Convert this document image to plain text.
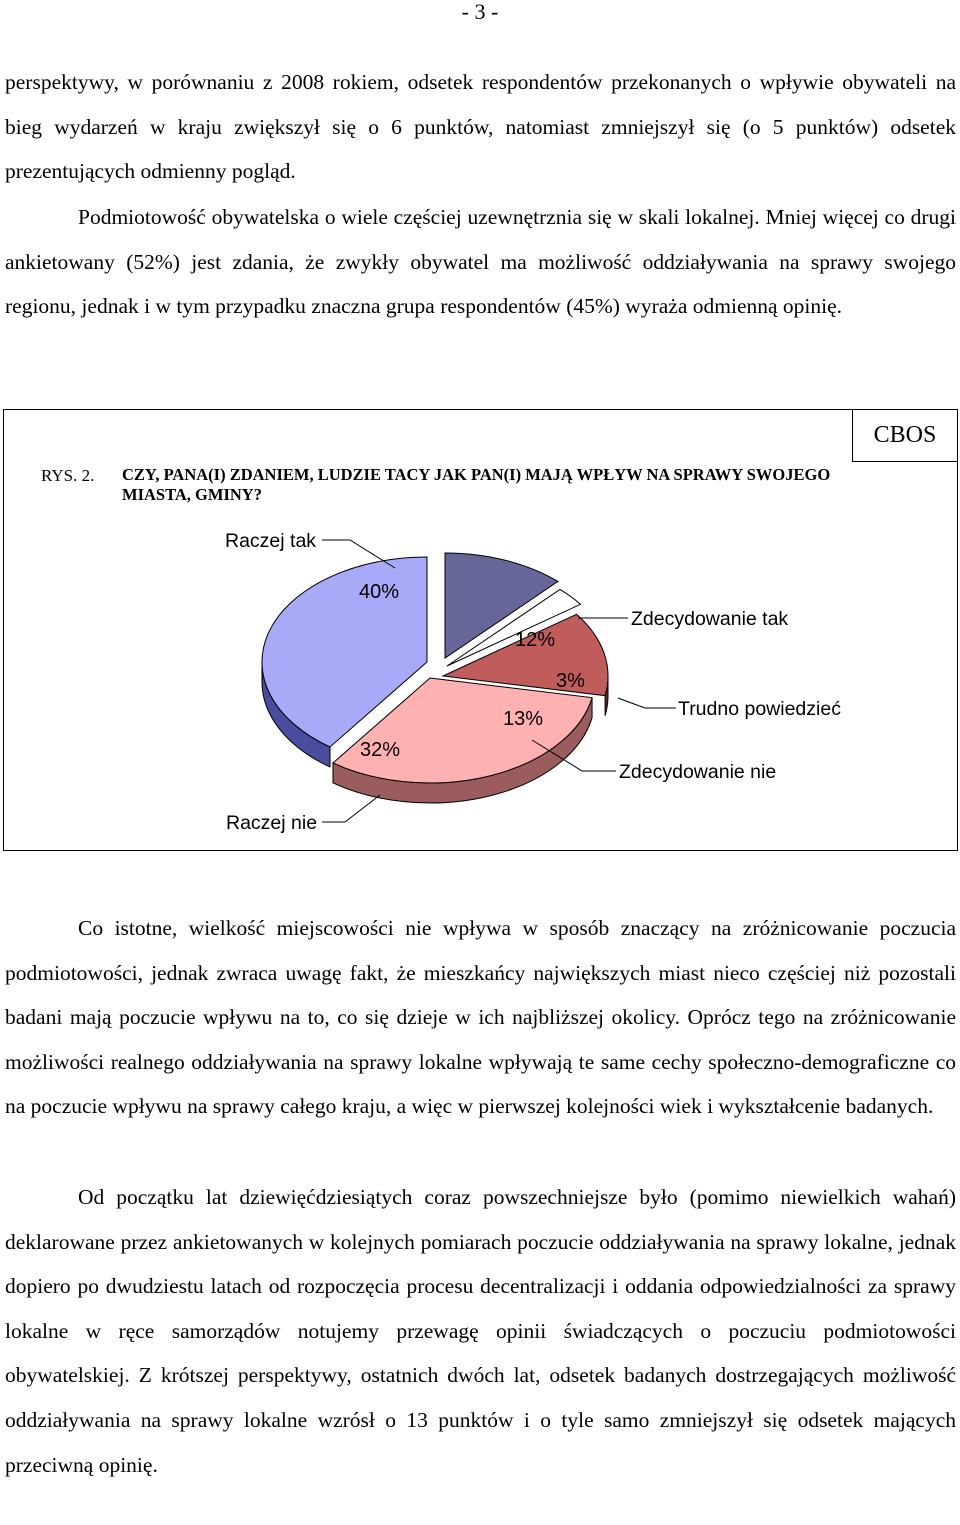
- 3 -

perspektywy, w porównaniu z 2008 rokiem, odsetek respondentów przekonanych o wpływie obywateli na bieg wydarzeń w kraju zwiększył się o 6 punktów, natomiast zmniejszył się (o 5 punktów) odsetek prezentujących odmienny pogląd.

CBOS
RYS. 2. CZY, PANA(I) ZDANIEM, LUDZIE TACY JAK PAN(I) MAJĄ WPŁYW NA SPRAWY SWOJEGO MIASTA, GMINY?
Raczej tak
Zdecydowanie tak
Trudno powiedzieć
Zdecydowanie nie
Raczej nie
40%
12%
3%
13%
32%

Podmiotowość obywatelska o wiele częściej uzewnętrznia się w skali lokalnej. Mniej więcej co drugi ankietowany (52%) jest zdania, że zwykły obywatel ma możliwość oddziaływania na sprawy swojego regionu, jednak i w tym przypadku znaczna grupa respondentów (45%) wyraża odmienną opinię.

Co istotne, wielkość miejscowości nie wpływa w sposób znaczący na zróżnicowanie poczucia podmiotowości, jednak zwraca uwagę fakt, że mieszkańcy największych miast nieco częściej niż pozostali badani mają poczucie wpływu na to, co się dzieje w ich najbliższej okolicy. Oprócz tego na zróżnicowanie możliwości realnego oddziaływania na sprawy lokalne wpływają te same cechy społeczno-demograficzne co na poczucie wpływu na sprawy całego kraju, a więc w pierwszej kolejności wiek i wykształcenie badanych.

Od początku lat dziewięćdziesiątych coraz powszechniejsze było (pomimo niewielkich wahań) deklarowane przez ankietowanych w kolejnych pomiarach poczucie oddziaływania na sprawy lokalne, jednak dopiero po dwudziestu latach od rozpoczęcia procesu decentralizacji i oddania odpowiedzialności za sprawy lokalne w ręce samorządów notujemy przewagę opinii świadczących o poczuciu podmiotowości obywatelskiej. Z krótszej perspektywy, ostatnich dwóch lat, odsetek badanych dostrzegających możliwość oddziaływania na sprawy lokalne wzrósł o 13 punktów i o tyle samo zmniejszył się odsetek mających przeciwną opinię.
